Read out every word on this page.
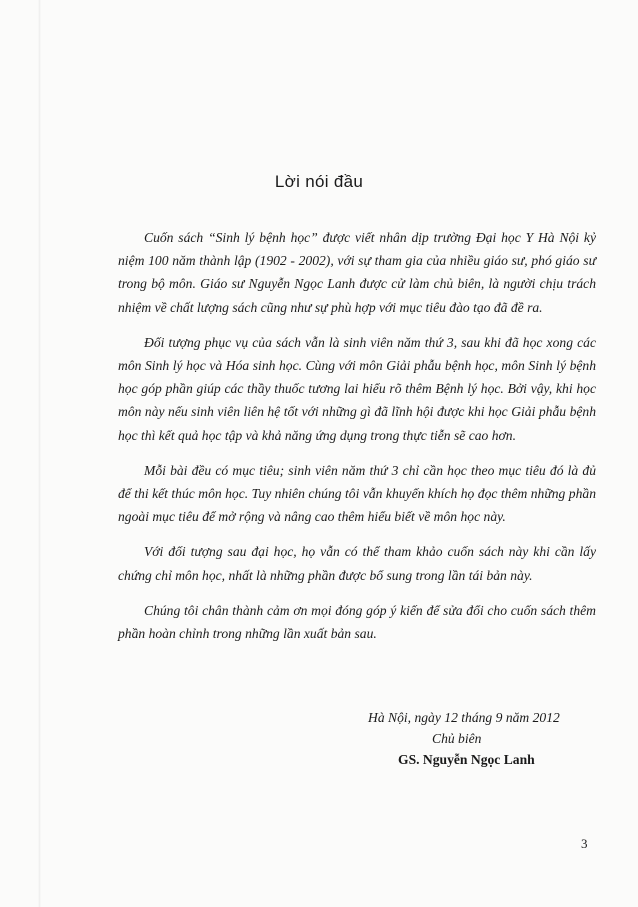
Lời nói đầu

Cuốn sách “Sinh lý bệnh học” được viết nhân dịp trường Đại học Y Hà Nội kỷ niệm 100 năm thành lập (1902 - 2002), với sự tham gia của nhiều giáo sư, phó giáo sư trong bộ môn. Giáo sư Nguyễn Ngọc Lanh được cử làm chủ biên, là người chịu trách nhiệm về chất lượng sách cũng như sự phù hợp với mục tiêu đào tạo đã đề ra.

Đối tượng phục vụ của sách vẫn là sinh viên năm thứ 3, sau khi đã học xong các môn Sinh lý học và Hóa sinh học. Cùng với môn Giải phẫu bệnh học, môn Sinh lý bệnh học góp phần giúp các thầy thuốc tương lai hiểu rõ thêm Bệnh lý học. Bởi vậy, khi học môn này nếu sinh viên liên hệ tốt với những gì đã lĩnh hội được khi học Giải phẫu bệnh học thì kết quả học tập và khả năng ứng dụng trong thực tiễn sẽ cao hơn.

Mỗi bài đều có mục tiêu; sinh viên năm thứ 3 chỉ cần học theo mục tiêu đó là đủ để thi kết thúc môn học. Tuy nhiên chúng tôi vẫn khuyến khích họ đọc thêm những phần ngoài mục tiêu để mở rộng và nâng cao thêm hiểu biết về môn học này.

Với đối tượng sau đại học, họ vẫn có thể tham khảo cuốn sách này khi cần lấy chứng chỉ môn học, nhất là những phần được bổ sung trong lần tái bản này.

Chúng tôi chân thành cảm ơn mọi đóng góp ý kiến để sửa đổi cho cuốn sách thêm phần hoàn chỉnh trong những lần xuất bản sau.

Hà Nội, ngày 12 tháng 9 năm 2012
Chủ biên
GS. Nguyễn Ngọc Lanh
3
